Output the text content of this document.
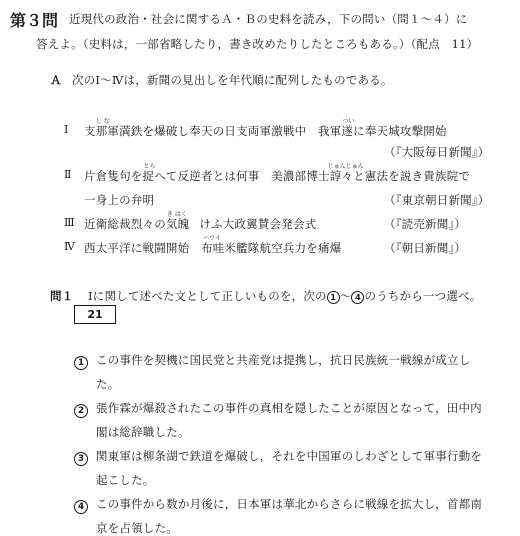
第３問 近現代の政治・社会に関するＡ・Ｂの史料を読み，下の問い（問１～４）に
答えよ。（史料は，一部省略したり，書き改めたりしたところもある。）（配点　11）
Ａ 次のⅠ～Ⅳは，新聞の見出しを年代順に配列したものである。
Ⅰ 支
し な
那軍満鉄を爆破し奉天の日支両軍激戦中　我軍
つい
遂に奉天城攻撃開始
（『大阪毎日新聞』）
Ⅱ 片倉隻句を
とら
捉へて反逆者とは何事　美濃部博士
じゅんじゅん
諄々と憲法を説き貴族院で
一身上の弁明	（『東京朝日新聞』）
Ⅲ 近衛総裁烈々の
き はく
気魄 けふ大政翼賛会発会式	（『読売新聞』）
Ⅳ 西太平洋に戦闘開始　
ハワイ
布哇米艦隊航空兵力を痛爆	（『朝日新聞』）
問１ Ⅰに関して述べた文として正しいものを，次の 1 ～ 4 のうちから一つ選べ。
21
1	この事件を契機に国民党と共産党は提携し，抗日民族統一戦線が成立し
た。
2	張作霖が爆殺されたこの事件の真相を隠したことが原因となって，田中内
閣は総辞職した。
3	関東軍は柳条湖で鉄道を爆破し，それを中国軍のしわざとして軍事行動を
起こした。
4	この事件から数か月後に，日本軍は華北からさらに戦線を拡大し，首都南
京を占領した。
